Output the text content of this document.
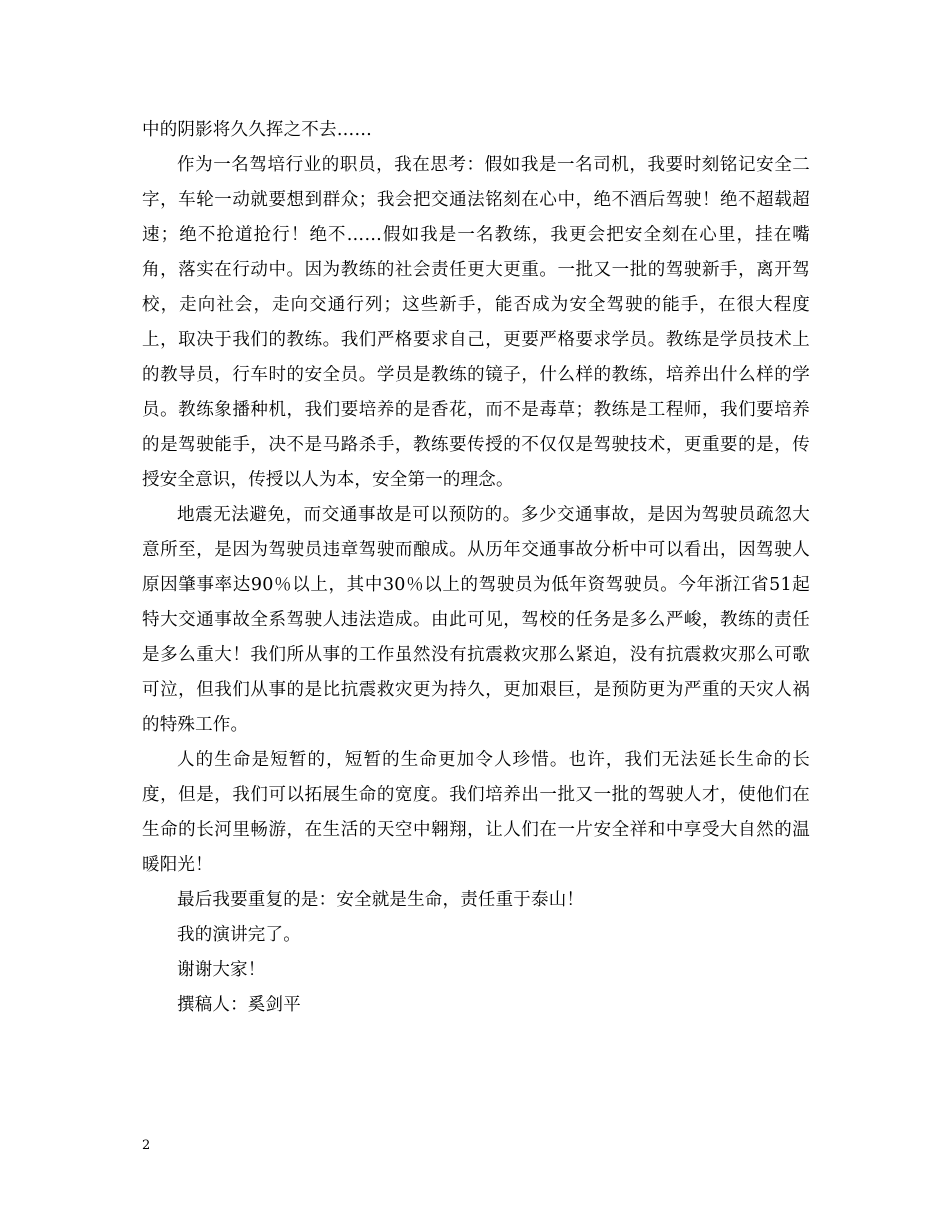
中的阴影将久久挥之不去……

作为一名驾培行业的职员，我在思考：假如我是一名司机，我要时刻铭记安全二字，车轮一动就要想到群众；我会把交通法铭刻在心中，绝不酒后驾驶！绝不超载超速；绝不抢道抢行！绝不……假如我是一名教练，我更会把安全刻在心里，挂在嘴角，落实在行动中。因为教练的社会责任更大更重。一批又一批的驾驶新手，离开驾校，走向社会，走向交通行列；这些新手，能否成为安全驾驶的能手，在很大程度上，取决于我们的教练。我们严格要求自己，更要严格要求学员。教练是学员技术上的教导员，行车时的安全员。学员是教练的镜子，什么样的教练，培养出什么样的学员。教练象播种机，我们要培养的是香花，而不是毒草；教练是工程师，我们要培养的是驾驶能手，决不是马路杀手，教练要传授的不仅仅是驾驶技术，更重要的是，传授安全意识，传授以人为本，安全第一的理念。

地震无法避免，而交通事故是可以预防的。多少交通事故，是因为驾驶员疏忽大意所至，是因为驾驶员违章驾驶而酿成。从历年交通事故分析中可以看出，因驾驶人原因肇事率达90％以上，其中30％以上的驾驶员为低年资驾驶员。今年浙江省51起特大交通事故全系驾驶人违法造成。由此可见，驾校的任务是多么严峻，教练的责任是多么重大！我们所从事的工作虽然没有抗震救灾那么紧迫，没有抗震救灾那么可歌可泣，但我们从事的是比抗震救灾更为持久，更加艰巨，是预防更为严重的天灾人祸的特殊工作。

人的生命是短暂的，短暂的生命更加令人珍惜。也许，我们无法延长生命的长度，但是，我们可以拓展生命的宽度。我们培养出一批又一批的驾驶人才，使他们在生命的长河里畅游，在生活的天空中翱翔，让人们在一片安全祥和中享受大自然的温暖阳光！

最后我要重复的是：安全就是生命，责任重于泰山！

我的演讲完了。

谢谢大家！

撰稿人：奚剑平

2
